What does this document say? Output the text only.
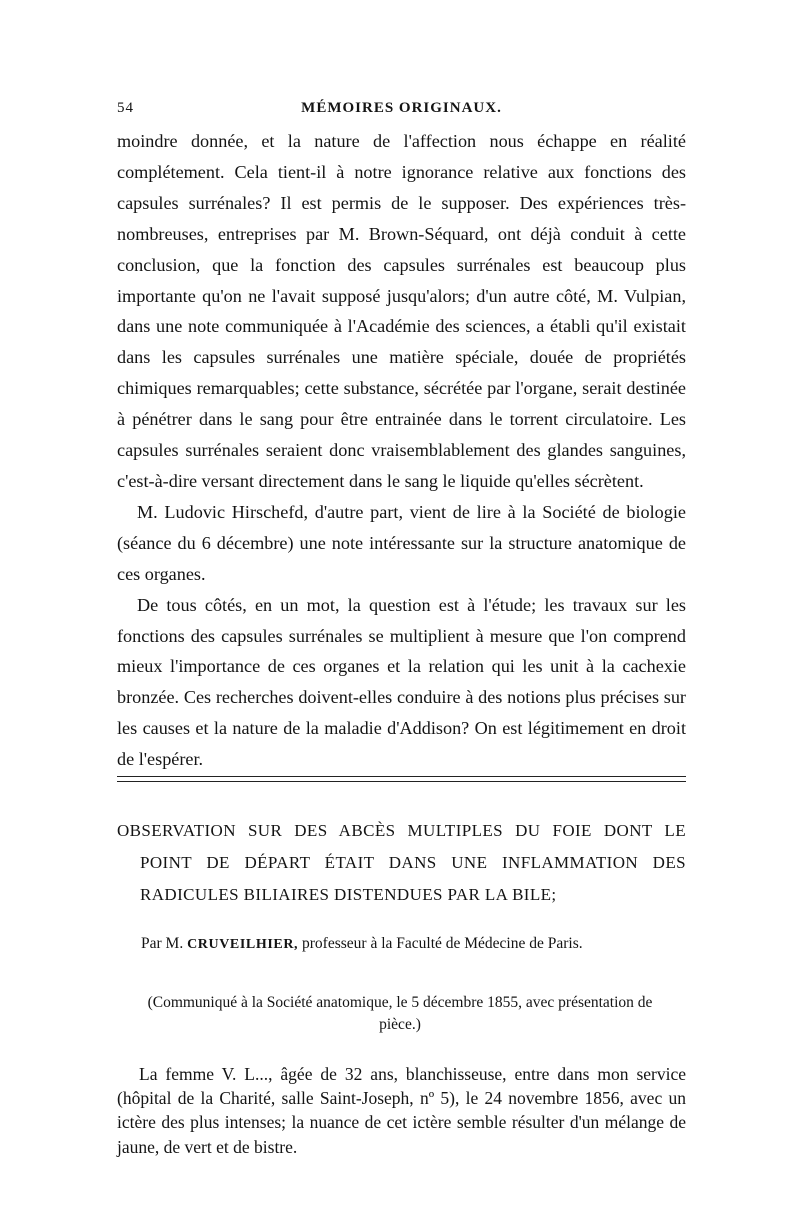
54	MÉMOIRES ORIGINAUX.

moindre donnée, et la nature de l'affection nous échappe en réalité complétement. Cela tient-il à notre ignorance relative aux fonctions des capsules surrénales? Il est permis de le supposer. Des expériences très-nombreuses, entreprises par M. Brown-Séquard, ont déjà conduit à cette conclusion, que la fonction des capsules surrénales est beaucoup plus importante qu'on ne l'avait supposé jusqu'alors; d'un autre côté, M. Vulpian, dans une note communiquée à l'Académie des sciences, a établi qu'il existait dans les capsules surrénales une matière spéciale, douée de propriétés chimiques remarquables; cette substance, sécrétée par l'organe, serait destinée à pénétrer dans le sang pour être entrainée dans le torrent circulatoire. Les capsules surrénales seraient donc vraisemblablement des glandes sanguines, c'est-à-dire versant directement dans le sang le liquide qu'elles sécrètent.

M. Ludovic Hirschefd, d'autre part, vient de lire à la Société de biologie (séance du 6 décembre) une note intéressante sur la structure anatomique de ces organes.

De tous côtés, en un mot, la question est à l'étude; les travaux sur les fonctions des capsules surrénales se multiplient à mesure que l'on comprend mieux l'importance de ces organes et la relation qui les unit à la cachexie bronzée. Ces recherches doivent-elles conduire à des notions plus précises sur les causes et la nature de la maladie d'Addison? On est légitimement en droit de l'espérer.

OBSERVATION SUR DES ABCÈS MULTIPLES DU FOIE DONT LE
POINT DE DÉPART ÉTAIT DANS UNE INFLAMMATION DES
RADICULES BILIAIRES DISTENDUES PAR LA BILE;
Par M. CRUVEILHIER, professeur à la Faculté de Médecine de Paris.
(Communiqué à la Société anatomique, le 5 décembre 1855, avec présentation de pièce.)

La femme V. L..., âgée de 32 ans, blanchisseuse, entre dans mon service (hôpital de la Charité, salle Saint-Joseph, nº 5), le 24 novembre 1856, avec un ictère des plus intenses; la nuance de cet ictère semble résulter d'un mélange de jaune, de vert et de bistre.
